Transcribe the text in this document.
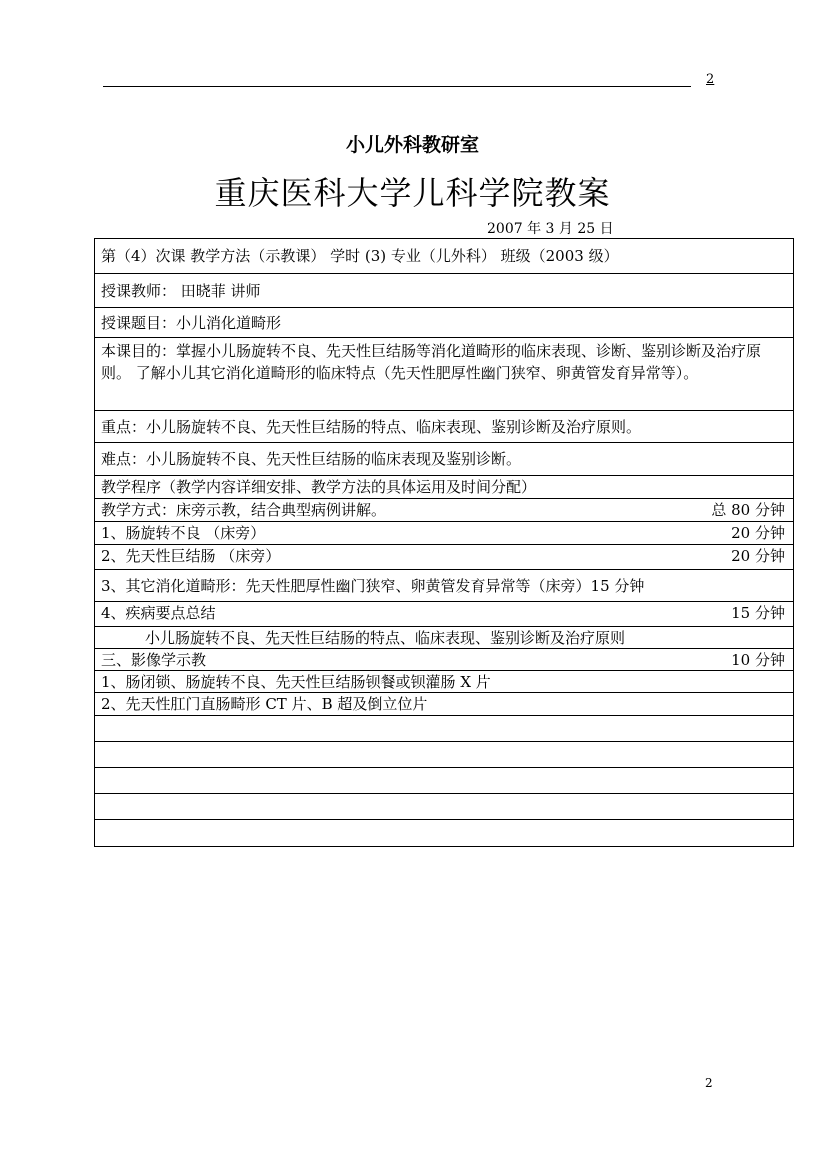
2
小儿外科教研室
重庆医科大学儿科学院教案
2007 年 3 月 25 日
第（4）次课 教学方法（示教课） 学时 (3) 专业（儿外科） 班级（2003 级）
授课教师： 田晓菲 讲师
授课题目：小儿消化道畸形
本课目的：掌握小儿肠旋转不良、先天性巨结肠等消化道畸形的临床表现、诊断、鉴别诊断及治疗原则。 了解小儿其它消化道畸形的临床特点（先天性肥厚性幽门狭窄、卵黄管发育异常等）。
重点：小儿肠旋转不良、先天性巨结肠的特点、临床表现、鉴别诊断及治疗原则。
难点：小儿肠旋转不良、先天性巨结肠的临床表现及鉴别诊断。
教学程序（教学内容详细安排、教学方法的具体运用及时间分配）
教学方式：床旁示教，结合典型病例讲解。	总 80 分钟
1、肠旋转不良 （床旁）	20 分钟
2、先天性巨结肠 （床旁）	20 分钟
3、其它消化道畸形：先天性肥厚性幽门狭窄、卵黄管发育异常等（床旁）15 分钟
4、疾病要点总结	15 分钟
小儿肠旋转不良、先天性巨结肠的特点、临床表现、鉴别诊断及治疗原则
三、影像学示教	10 分钟
1、肠闭锁、肠旋转不良、先天性巨结肠钡餐或钡灌肠 X 片
2、先天性肛门直肠畸形 CT 片、B 超及倒立位片
2
